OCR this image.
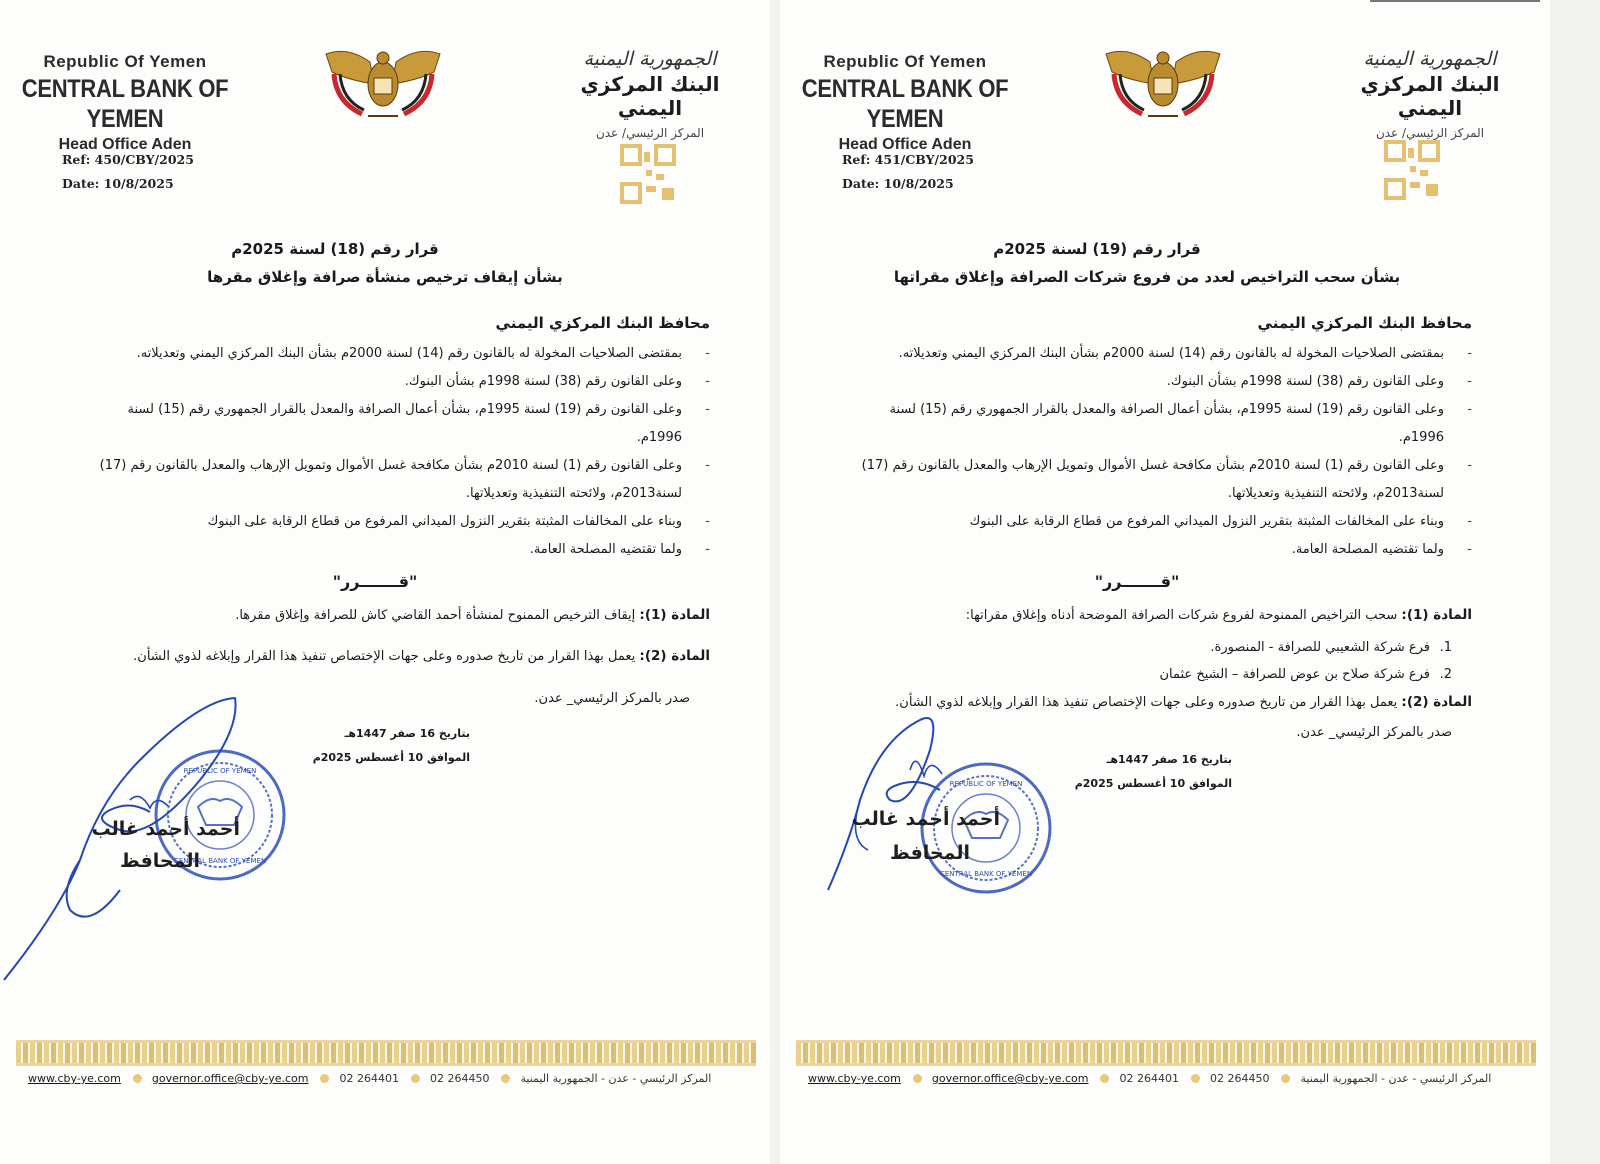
Republic Of Yemen
CENTRAL BANK OF YEMEN
Head Office Aden
Ref: 450/CBY/2025
Date: 10/8/2025
الجمهورية اليمنية
البنك المركزي اليمني
المركز الرئيسي/ عدن
قرار رقم (18) لسنة 2025م
بشأن إيقاف ترخيص منشأة صرافة وإغلاق مقرها
محافظ البنك المركزي اليمني
- بمقتضى الصلاحيات المخولة له بالقانون رقم (14) لسنة 2000م بشأن البنك المركزي اليمني وتعديلاته.
- وعلى القانون رقم (38) لسنة 1998م بشأن البنوك.
- وعلى القانون رقم (19) لسنة 1995م، بشأن أعمال الصرافة والمعدل بالقرار الجمهوري رقم (15) لسنة 1996م.
- وعلى القانون رقم (1) لسنة 2010م بشأن مكافحة غسل الأموال وتمويل الإرهاب والمعدل بالقانون رقم (17) لسنة2013م، ولائحته التنفيذية وتعديلاتها.
- وبناء على المخالفات المثبتة بتقرير النزول الميداني المرفوع من قطاع الرقابة على البنوك
- ولما تقتضيه المصلحة العامة.
"قـــــــرر"
المادة (1): إيقاف الترخيص الممنوح لمنشأة أحمد القاضي كاش للصرافة وإغلاق مقرها.
المادة (2): يعمل بهذا القرار من تاريخ صدوره وعلى جهات الإختصاص تنفيذ هذا القرار وإبلاغه لذوي الشأن.
صدر بالمركز الرئيسي_ عدن.
بتاريخ 16 صفر 1447هـ
الموافق 10 أغسطس 2025م
REPUBLIC OF YEMEN
CENTRAL BANK OF YEMEN
أحمد أحمد غالب
المحافظ
www.cby-ye.com	governor.office@cby-ye.com	02 264401	02 264450	المركز الرئيسي - عدن - الجمهورية اليمنية
Republic Of Yemen
CENTRAL BANK OF YEMEN
Head Office Aden
Ref: 451/CBY/2025
Date: 10/8/2025
الجمهورية اليمنية
البنك المركزي اليمني
المركز الرئيسي/ عدن
قرار رقم (19) لسنة 2025م
بشأن سحب التراخيص لعدد من فروع شركات الصرافة وإغلاق مقراتها
محافظ البنك المركزي اليمني
- بمقتضى الصلاحيات المخولة له بالقانون رقم (14) لسنة 2000م بشأن البنك المركزي اليمني وتعديلاته.
- وعلى القانون رقم (38) لسنة 1998م بشأن البنوك.
- وعلى القانون رقم (19) لسنة 1995م، بشأن أعمال الصرافة والمعدل بالقرار الجمهوري رقم (15) لسنة 1996م.
- وعلى القانون رقم (1) لسنة 2010م بشأن مكافحة غسل الأموال وتمويل الإرهاب والمعدل بالقانون رقم (17) لسنة2013م، ولائحته التنفيذية وتعديلاتها.
- وبناء على المخالفات المثبتة بتقرير النزول الميداني المرفوع من قطاع الرقابة على البنوك
- ولما تقتضيه المصلحة العامة.
"قـــــــرر"
المادة (1): سحب التراخيص الممنوحة لفروع شركات الصرافة الموضحة أدناه وإغلاق مقراتها:
1.فرع شركة الشعيبي للصرافة - المنصورة.
2.فرع شركة صلاح بن عوض للصرافة – الشيخ عثمان
المادة (2): يعمل بهذا القرار من تاريخ صدوره وعلى جهات الإختصاص تنفيذ هذا القرار وإبلاغه لذوي الشأن.
صدر بالمركز الرئيسي_ عدن.
بتاريخ 16 صفر 1447هـ
الموافق 10 أغسطس 2025م
REPUBLIC OF YEMEN
CENTRAL BANK OF YEMEN
أحمد أحمد غالب
المحافظ
www.cby-ye.com	governor.office@cby-ye.com	02 264401	02 264450	المركز الرئيسي - عدن - الجمهورية اليمنية
